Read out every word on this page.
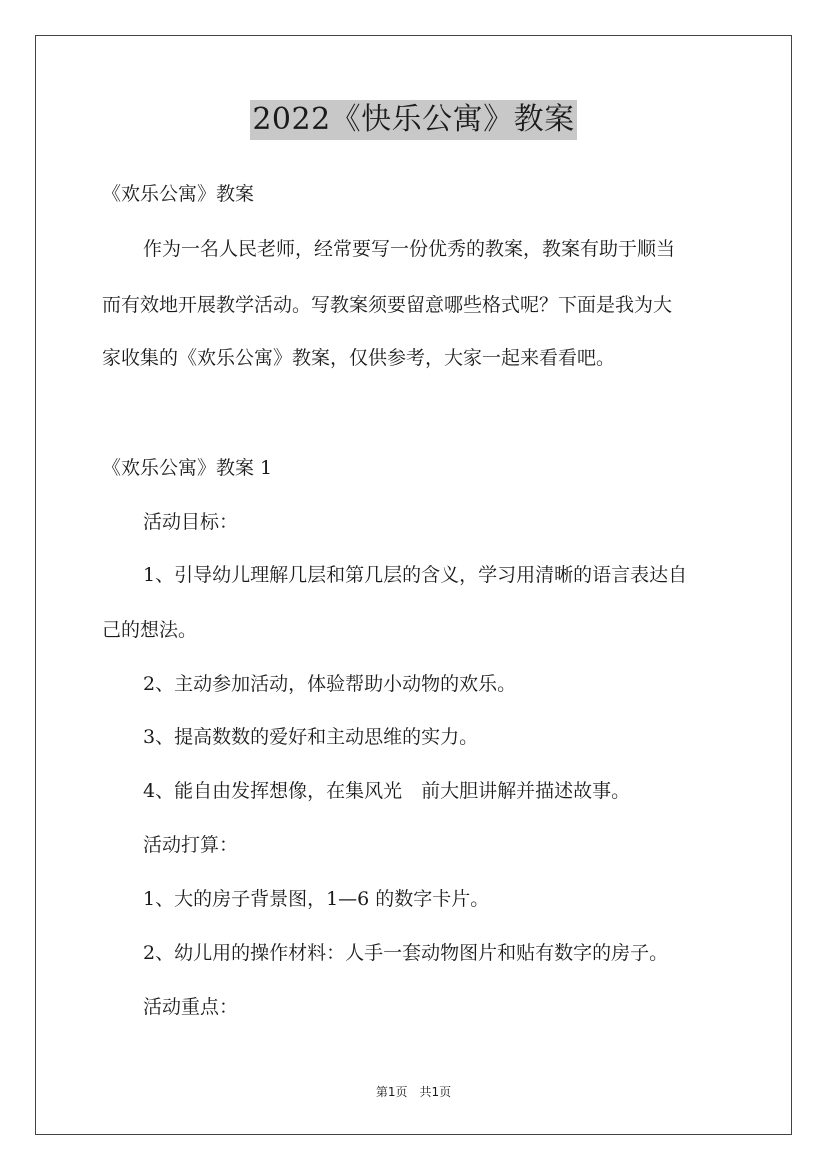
2022《快乐公寓》教案
《欢乐公寓》教案
作为一名人民老师，经常要写一份优秀的教案，教案有助于顺当
而有效地开展教学活动。写教案须要留意哪些格式呢？下面是我为大
家收集的《欢乐公寓》教案，仅供参考，大家一起来看看吧。
《欢乐公寓》教案 1
活动目标：
1、引导幼儿理解几层和第几层的含义，学习用清晰的语言表达自
己的想法。
2、主动参加活动，体验帮助小动物的欢乐。
3、提高数数的爱好和主动思维的实力。
4、能自由发挥想像，在集风光　前大胆讲解并描述故事。
活动打算：
1、大的房子背景图，1—6 的数字卡片。
2、幼儿用的操作材料：人手一套动物图片和贴有数字的房子。
活动重点：
第1页　共1页
